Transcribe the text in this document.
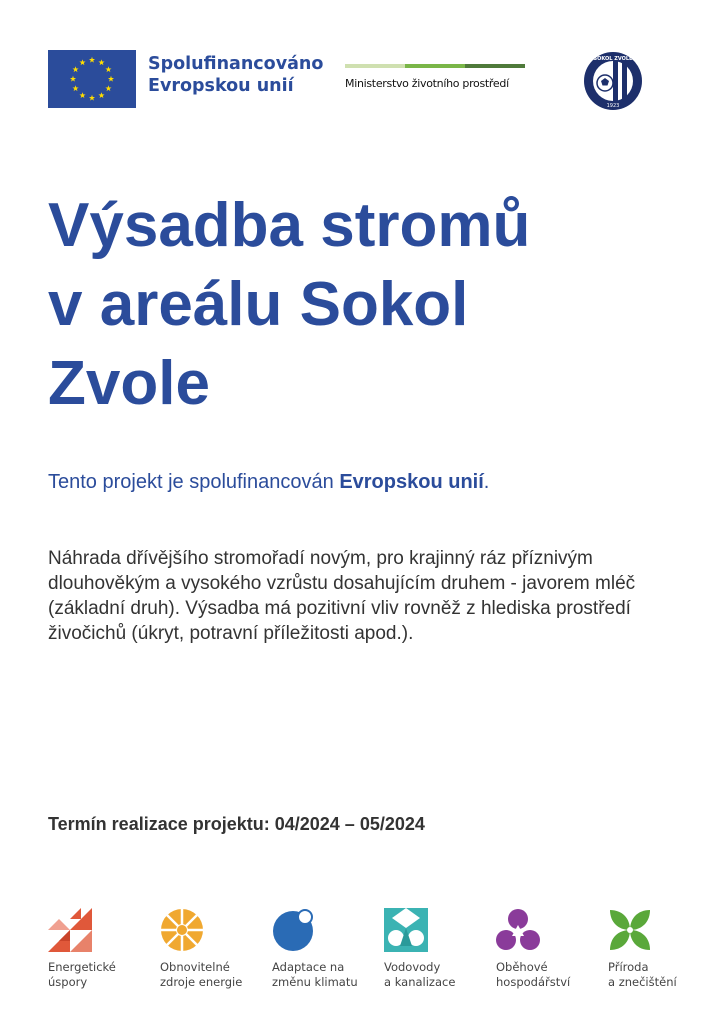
Spolufinancováno
Evropskou unií	Ministerstvo životního prostředí
SOKOL ZVOLE
1923
Výsadba stromů
v areálu Sokol
Zvole

Tento projekt je spolufinancován Evropskou unií.

Náhrada dřívějšího stromořadí novým, pro krajinný ráz příznivým dlouhověkým a vysokého vzrůstu dosahujícím druhem - javorem mléč (základní druh). Výsadba má pozitivní vliv rovněž z hlediska prostředí živočichů (úkryt, potravní příležitosti apod.).

Termín realizace projektu: 04/2024 – 05/2024

Energetické
úspory
Obnovitelné
zdroje energie
Adaptace na
změnu klimatu
Vodovody
a kanalizace
Oběhové
hospodářství
Příroda
a znečištění
